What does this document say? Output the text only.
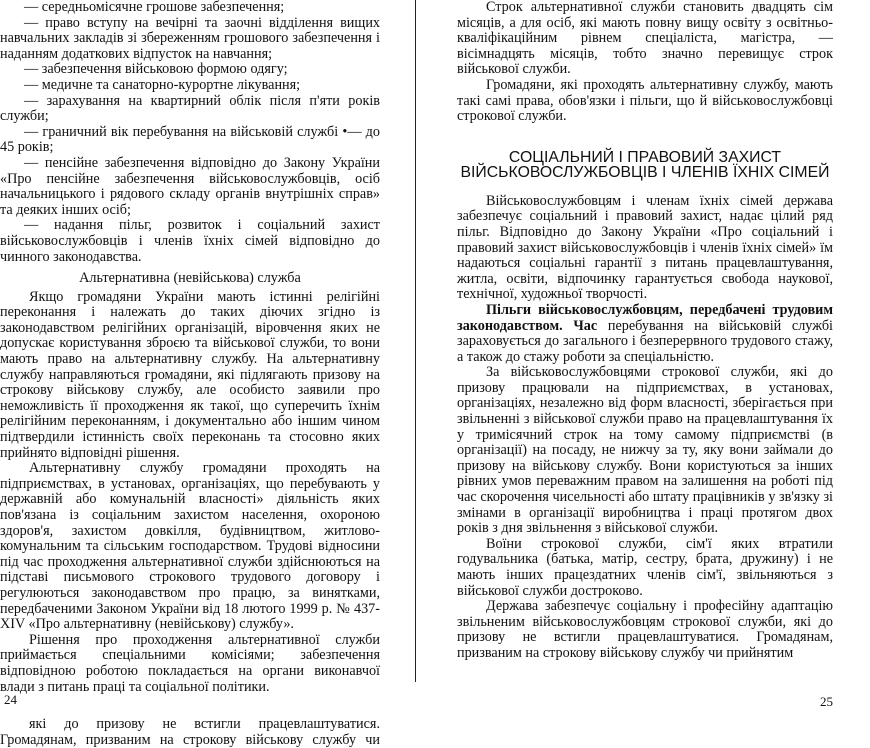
— середньомісячне грошове забезпечення;

— право вступу на вечірні та заочні відділення вищих навчальних закладів зі збереженням грошового забезпечення і наданням додаткових відпусток на навчання;

— забезпечення військовою формою одягу;

— медичне та санаторно-курортне лікування;

— зарахування на квартирний облік після п'яти років служби;

— граничний вік перебування на військовій службі •— до 45 років;

— пенсійне забезпечення відповідно до Закону України «Про пенсійне забезпечення військовослужбовців, осіб начальницького і рядового складу органів внутрішніх справ» та деяких інших осіб;

— надання пільг, розвиток і соціальний захист військовослужбовців і членів їхніх сімей відповідно до чинного законодавства.

Альтернативна (невійськова) служба

Якщо громадяни України мають істинні релігійні переконання і належать до таких діючих згідно із законодавством релігійних організацій, віровчення яких не допускає користування зброєю та військової служби, то вони мають право на альтернативну службу. На альтернативну службу направляються громадяни, які підлягають призову на строкову військову службу, але особисто заявили про неможливість її проходження як такої, що суперечить їхнім релігійним переконанням, і документально або іншим чином підтвердили істинність своїх переконань та стосовно яких прийнято відповідні рішення.

Альтернативну службу громадяни проходять на підприємствах, в установах, організаціях, що перебувають у державній або комунальній власності» діяльність яких пов'язана із соціальним захистом населення, охороною здоров'я, захистом довкілля, будівництвом, житлово-комунальним та сільським господарством. Трудові відносини під час проходження альтернативної служби здійснюються на підставі письмового строкового трудового договору і регулюються законодавством про працю, за винятками, передбаченими Законом України від 18 лютого 1999 р. № 437-XIV «Про альтернативну (невійськову) службу».

Рішення про проходження альтернативної служби приймається спеціальними комісіями; забезпечення відповідною роботою покладається на органи виконавчої влади з питань праці та соціальної політики.

які до призову не встигли працевлаштуватися. Громадянам, призваним на строкову військову службу чи

Строк альтернативної служби становить двадцять сім місяців, а для осіб, які мають повну вищу освіту з освітньо-кваліфікаційним рівнем спеціаліста, магістра, — вісімнадцять місяців, тобто значно перевищує строк військової служби.

Громадяни, які проходять альтернативну службу, мають такі самі права, обов'язки і пільги, що й військовослужбовці строкової служби.

СОЦІАЛЬНИЙ І ПРАВОВИЙ ЗАХИСТ ВІЙСЬКОВОСЛУЖБОВЦІВ І ЧЛЕНІВ ЇХНІХ СІМЕЙ

Військовослужбовцям і членам їхніх сімей держава забезпечує соціальний і правовий захист, надає цілий ряд пільг. Відповідно до Закону України «Про соціальний і правовий захист військовослужбовців і членів їхніх сімей» їм надаються соціальні гарантії з питань працевлаштування, житла, освіти, відпочинку гарантується свобода наукової, технічної, художньої творчості.

Пільги військовослужбовцям, передбачені трудовим законодавством. Час перебування на військовій службі зараховується до загального і безперервного трудового стажу, а також до стажу роботи за спеціальністю.

За військовослужбовцями строкової служби, які до призову працювали на підприємствах, в установах, організаціях, незалежно від форм власності, зберігається при звільненні з військової служби право на працевлаштування їх у тримісячний строк на тому самому підприємстві (в організації) на посаду, не нижчу за ту, яку вони займали до призову на військову службу. Вони користуються за інших рівних умов переважним правом на залишення на роботі під час скорочення чисельності або штату працівників у зв'язку зі змінами в організації виробництва і праці протягом двох років з дня звільнення з військової служби.

Воїни строкової служби, сім'ї яких втратили годувальника (батька, матір, сестру, брата, дружину) і не мають інших працездатних членів сім'ї, звільняються з військової служби достроково.

Держава забезпечує соціальну і професійну адаптацію звільненим військовослужбовцям строкової служби, які до призову не встигли працевлаштуватися. Громадянам, призваним на строкову військову службу чи прийнятим

24	25
